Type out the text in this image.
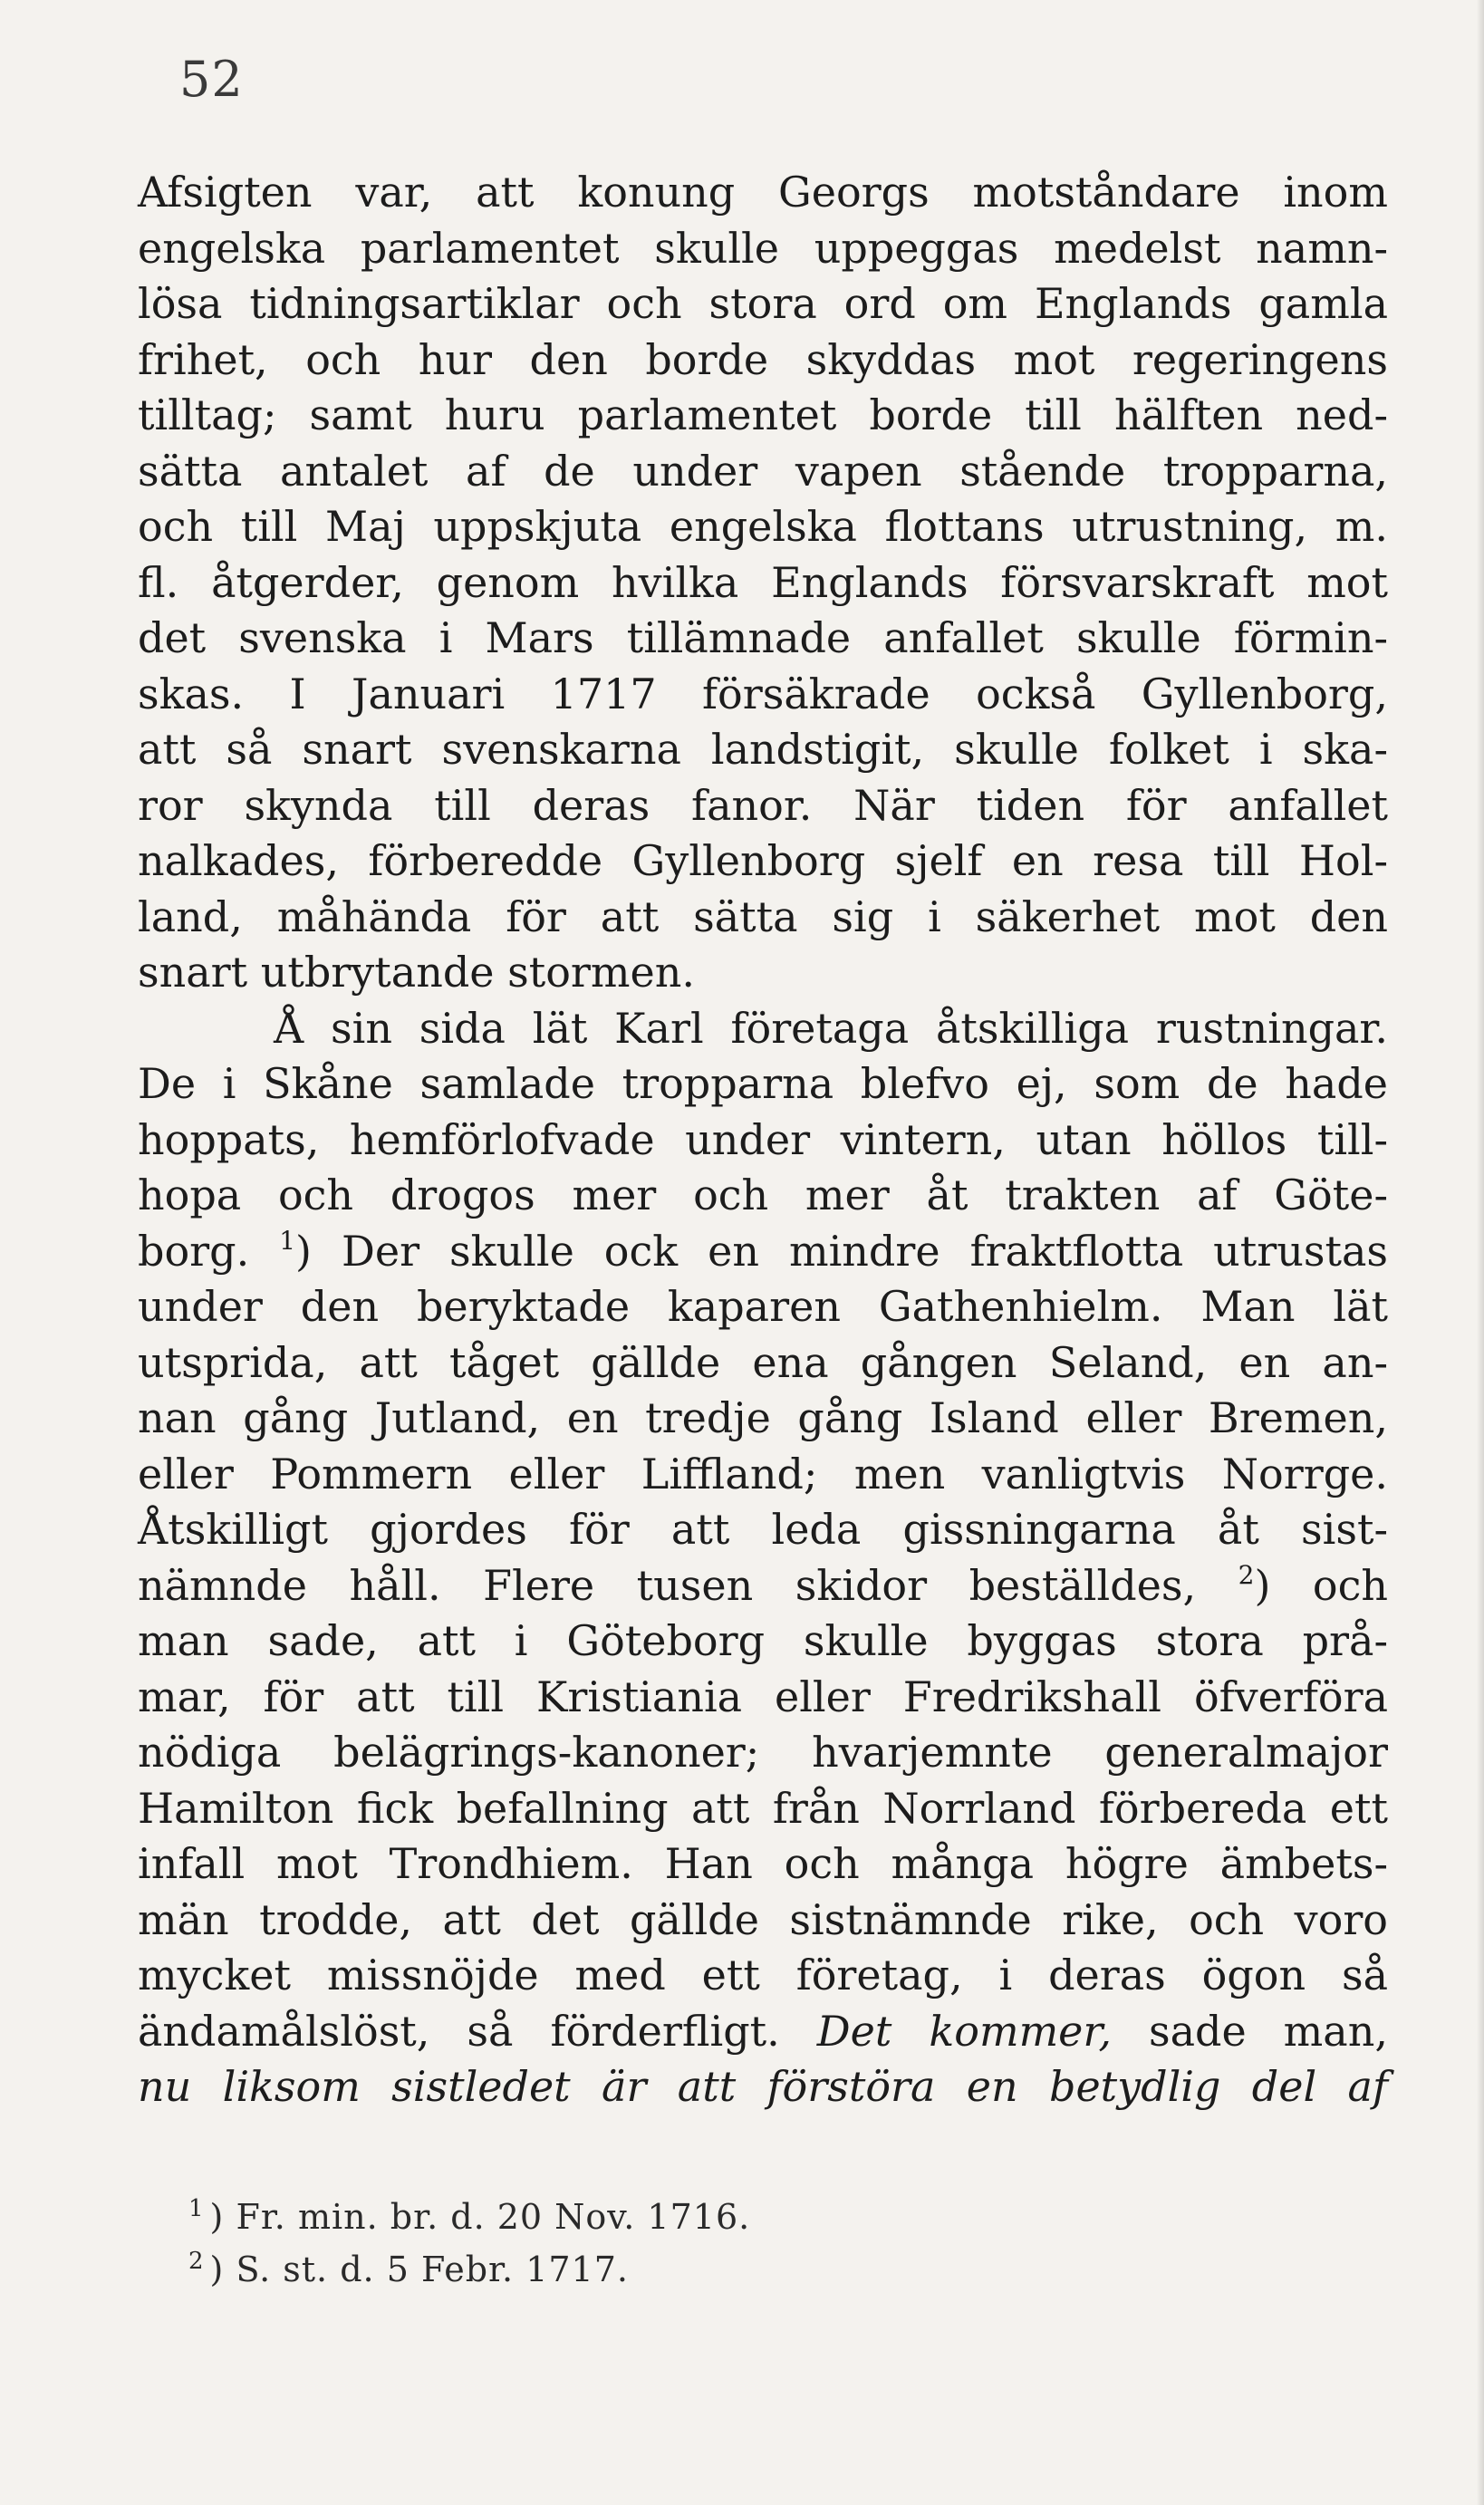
52
Afsigten var, att konung Georgs motståndare inom
engelska parlamentet skulle uppeggas medelst namn-
lösa tidningsartiklar och stora ord om Englands gamla
frihet, och hur den borde skyddas mot regeringens
tilltag; samt huru parlamentet borde till hälften ned-
sätta antalet af de under vapen stående tropparna,
och till Maj uppskjuta engelska flottans utrustning, m.
fl. åtgerder, genom hvilka Englands försvarskraft mot
det svenska i Mars tillämnade anfallet skulle förmin-
skas. I Januari 1717 försäkrade också Gyllenborg,
att så snart svenskarna landstigit, skulle folket i ska-
ror skynda till deras fanor. När tiden för anfallet
nalkades, förberedde Gyllenborg sjelf en resa till Hol-
land, måhända för att sätta sig i säkerhet mot den
snart utbrytande stormen.
Å sin sida lät Karl företaga åtskilliga rustningar.
De i Skåne samlade tropparna blefvo ej, som de hade
hoppats, hemförlofvade under vintern, utan höllos till-
hopa och drogos mer och mer åt trakten af Göte-
borg. $^1$) Der skulle ock en mindre fraktflotta utrustas
under den beryktade kaparen Gathenhielm. Man lät
utsprida, att tåget gällde ena gången Seland, en an-
nan gång Jutland, en tredje gång Island eller Bremen,
eller Pommern eller Liffland; men vanligtvis Norrge.
Åtskilligt gjordes för att leda gissningarna åt sist-
nämnde håll. Flere tusen skidor beställdes, $^2$) och
man sade, att i Göteborg skulle byggas stora prå-
mar, för att till Kristiania eller Fredrikshall öfverföra
nödiga belägrings-kanoner; hvarjemnte generalmajor
Hamilton fick befallning att från Norrland förbereda ett
infall mot Trondhiem. Han och många högre ämbets-
män trodde, att det gällde sistnämnde rike, och voro
mycket missnöjde med ett företag, i deras ögon så
ändamålslöst, så förderfligt. Det kommer, sade man,
nu liksom sistledet är att förstöra en betydlig del af
$^1$ ) Fr. min. br. d. 20 Nov. 1716.
$^2$ ) S. st. d. 5 Febr. 1717.
